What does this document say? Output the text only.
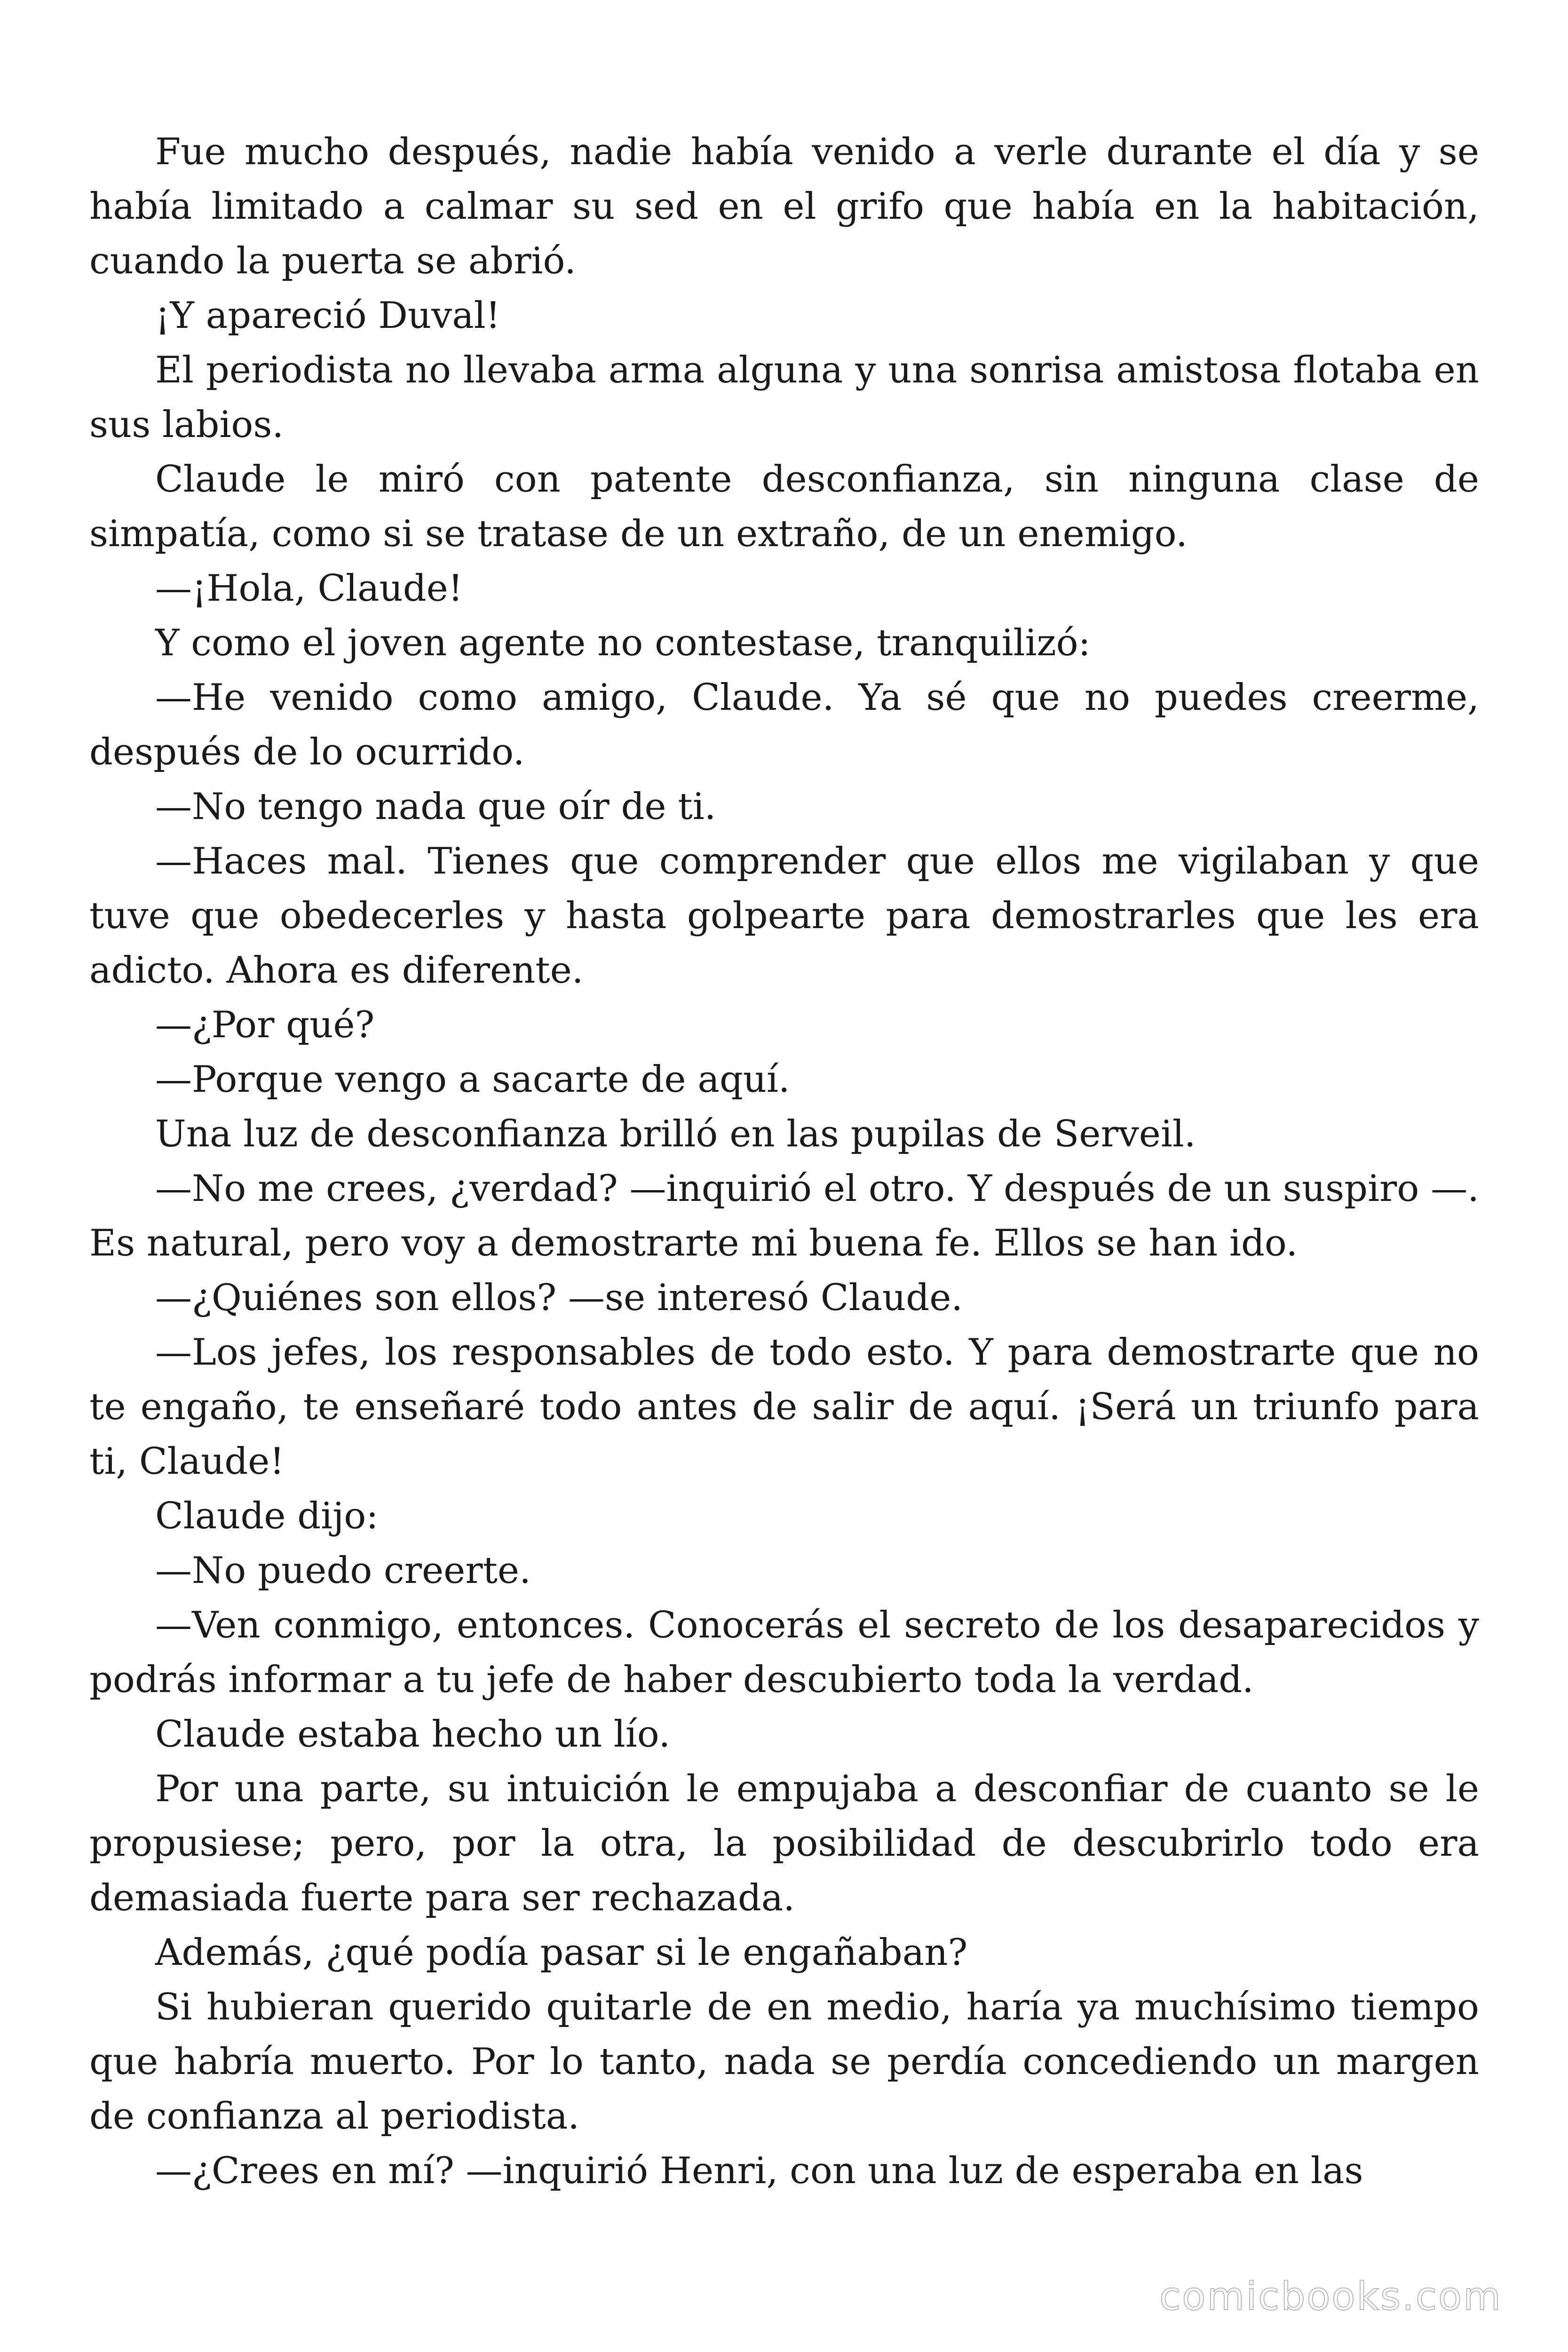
Fue mucho después, nadie había venido a verle durante el día y se había limitado a calmar su sed en el grifo que había en la habitación, cuando la puerta se abrió.

¡Y apareció Duval!

El periodista no llevaba arma alguna y una sonrisa amistosa flotaba en sus labios.

Claude le miró con patente desconfianza, sin ninguna clase de simpatía, como si se tratase de un extraño, de un enemigo.

—¡Hola, Claude!

Y como el joven agente no contestase, tranquilizó:

—He venido como amigo, Claude. Ya sé que no puedes creerme, después de lo ocurrido.

—No tengo nada que oír de ti.

—Haces mal. Tienes que comprender que ellos me vigilaban y que tuve que obedecerles y hasta golpearte para demostrarles que les era adicto. Ahora es diferente.

—¿Por qué?

—Porque vengo a sacarte de aquí.

Una luz de desconfianza brilló en las pupilas de Serveil.

—No me crees, ¿verdad? —inquirió el otro. Y después de un suspiro —. Es natural, pero voy a demostrarte mi buena fe. Ellos se han ido.

—¿Quiénes son ellos? —se interesó Claude.

—Los jefes, los responsables de todo esto. Y para demostrarte que no te engaño, te enseñaré todo antes de salir de aquí. ¡Será un triunfo para ti, Claude!

Claude dijo:

—No puedo creerte.

—Ven conmigo, entonces. Conocerás el secreto de los desaparecidos y podrás informar a tu jefe de haber descubierto toda la verdad.

Claude estaba hecho un lío.

Por una parte, su intuición le empujaba a desconfiar de cuanto se le propusiese; pero, por la otra, la posibilidad de descubrirlo todo era demasiada fuerte para ser rechazada.

Además, ¿qué podía pasar si le engañaban?

Si hubieran querido quitarle de en medio, haría ya muchísimo tiempo que habría muerto. Por lo tanto, nada se perdía concediendo un margen de confianza al periodista.

—¿Crees en mí? —inquirió Henri, con una luz de esperaba en las

comicbooks.com
